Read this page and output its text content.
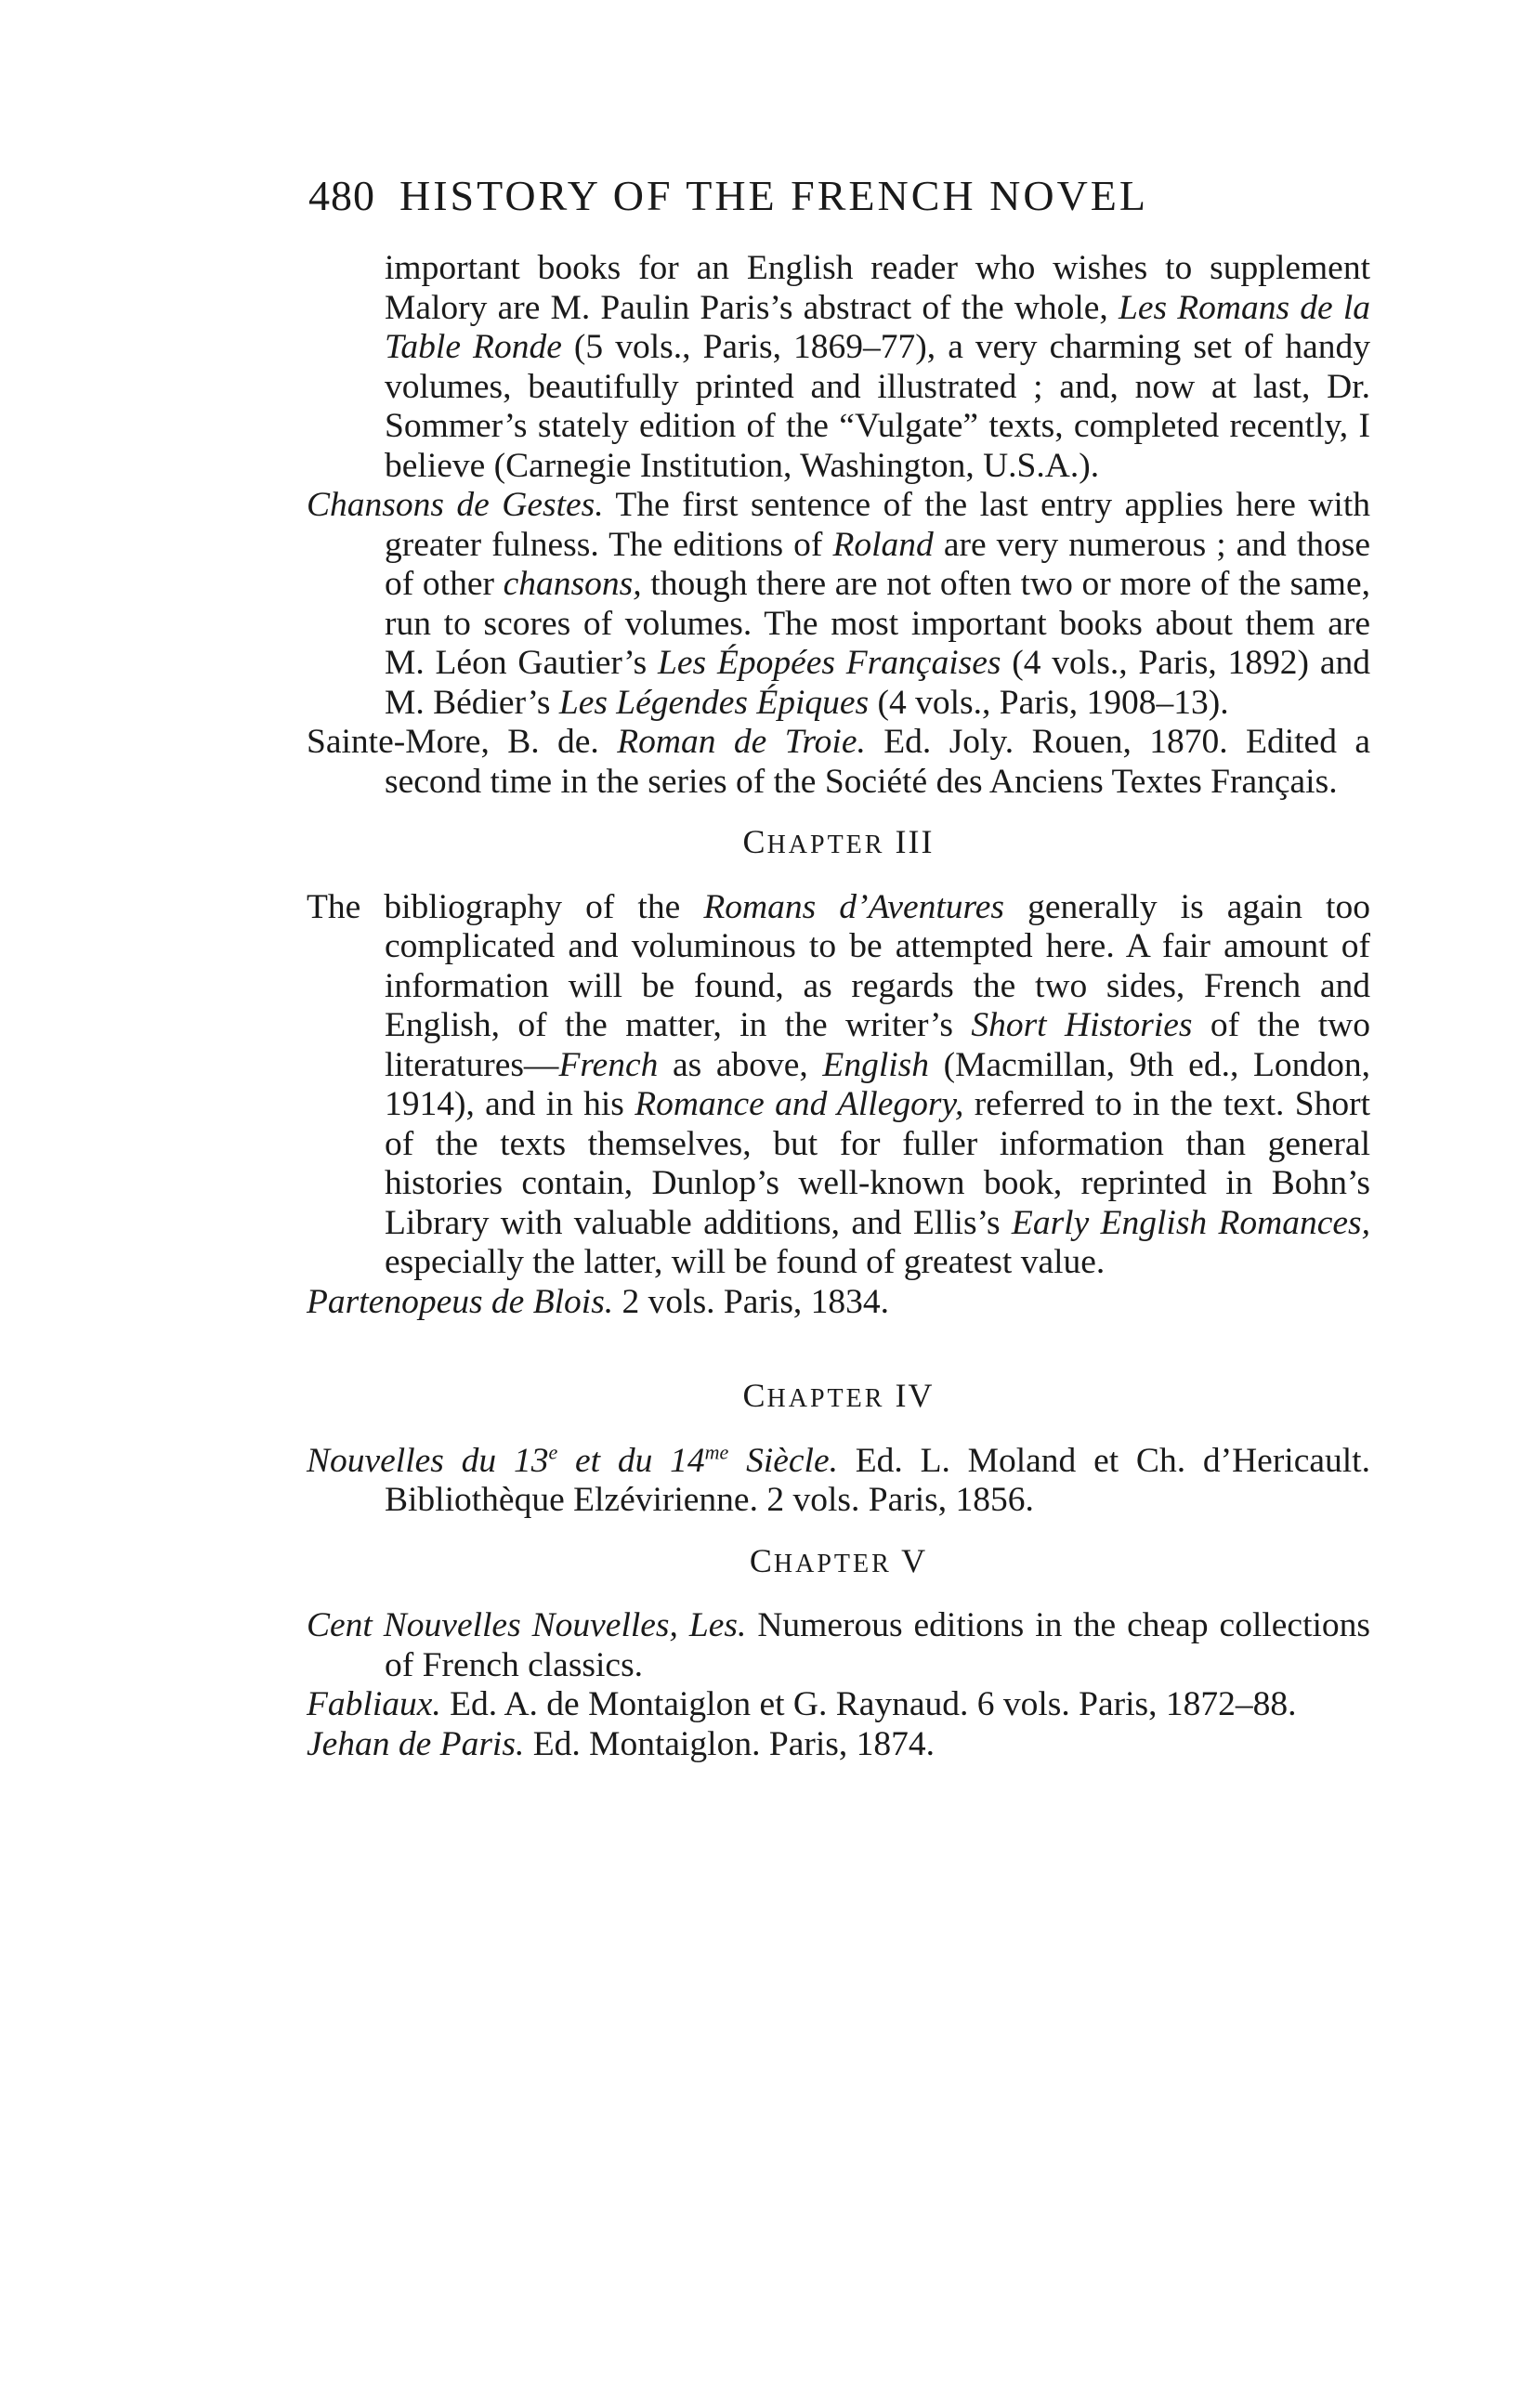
480 HISTORY OF THE FRENCH NOVEL

important books for an English reader who wishes to supplement Malory are M. Paulin Paris’s abstract of the whole, Les Romans de la Table Ronde (5 vols., Paris, 1869–77), a very charming set of handy volumes, beautifully printed and illustrated ; and, now at last, Dr. Sommer’s stately edition of the “Vulgate” texts, completed recently, I believe (Carnegie Institution, Washington, U.S.A.).

Chansons de Gestes. The first sentence of the last entry applies here with greater fulness. The editions of Roland are very numerous ; and those of other chansons, though there are not often two or more of the same, run to scores of volumes. The most important books about them are M. Léon Gautier’s Les Épopées Françaises (4 vols., Paris, 1892) and M. Bédier’s Les Légendes Épiques (4 vols., Paris, 1908–13).

Sainte-More, B. de. Roman de Troie. Ed. Joly. Rouen, 1870. Edited a second time in the series of the Société des Anciens Textes Français.

CHAPTER III

The bibliography of the Romans d’Aventures generally is again too complicated and voluminous to be attempted here. A fair amount of information will be found, as regards the two sides, French and English, of the matter, in the writer’s Short Histories of the two literatures—French as above, English (Macmillan, 9th ed., London, 1914), and in his Romance and Allegory, referred to in the text. Short of the texts themselves, but for fuller information than general histories contain, Dunlop’s well-known book, reprinted in Bohn’s Library with valuable additions, and Ellis’s Early English Romances, especially the latter, will be found of greatest value.

Partenopeus de Blois. 2 vols. Paris, 1834.

CHAPTER IV

Nouvelles du 13e et du $14^{me}$ Siècle. Ed. L. Moland et Ch. d’Hericault. Bibliothèque Elzévirienne. 2 vols. Paris, 1856.

CHAPTER V

Cent Nouvelles Nouvelles, Les. Numerous editions in the cheap collections of French classics.

Fabliaux. Ed. A. de Montaiglon et G. Raynaud. 6 vols. Paris, 1872–88.

Jehan de Paris. Ed. Montaiglon. Paris, 1874.
